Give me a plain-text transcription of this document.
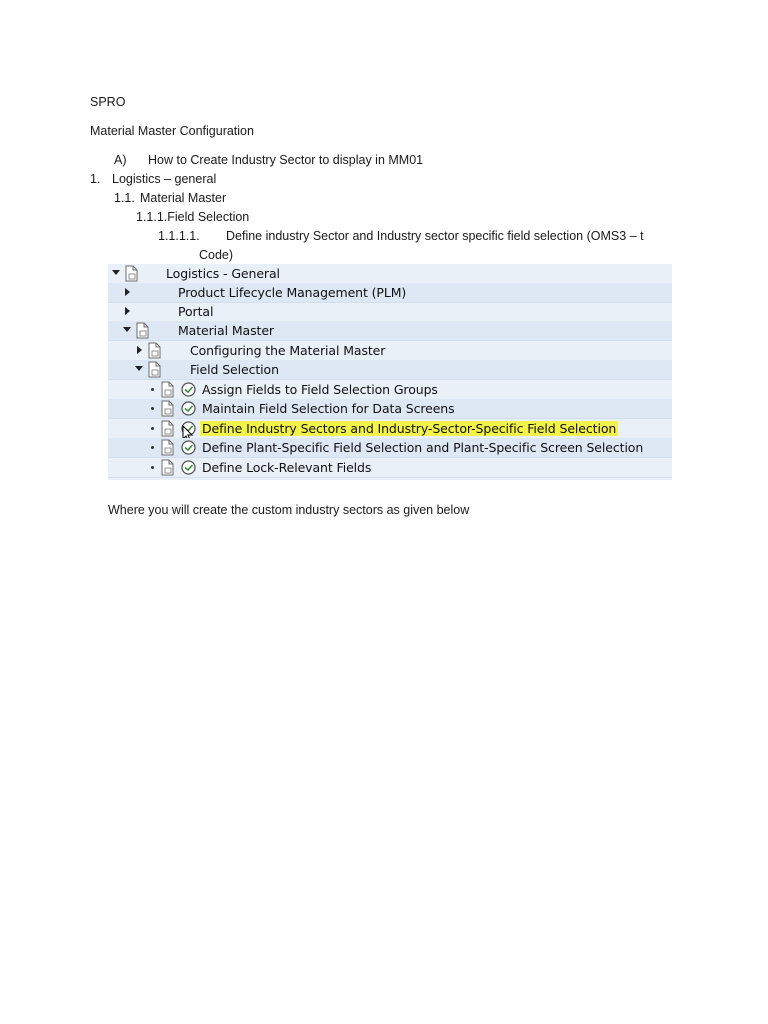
SPRO
Material Master Configuration
A) How to Create Industry Sector to display in MM01
1. Logistics – general
1.1. Material Master
1.1.1.Field Selection
1.1.1.1. Define industry Sector and Industry sector specific field selection (OMS3 – t
Code)
Logistics - General
Product Lifecycle Management (PLM)
Portal
Material Master
Configuring the Material Master
Field Selection
Assign Fields to Field Selection Groups
Maintain Field Selection for Data Screens
Define Industry Sectors and Industry-Sector-Specific Field Selection
Define Plant-Specific Field Selection and Plant-Specific Screen Selection
Define Lock-Relevant Fields
Where you will create the custom industry sectors as given below
